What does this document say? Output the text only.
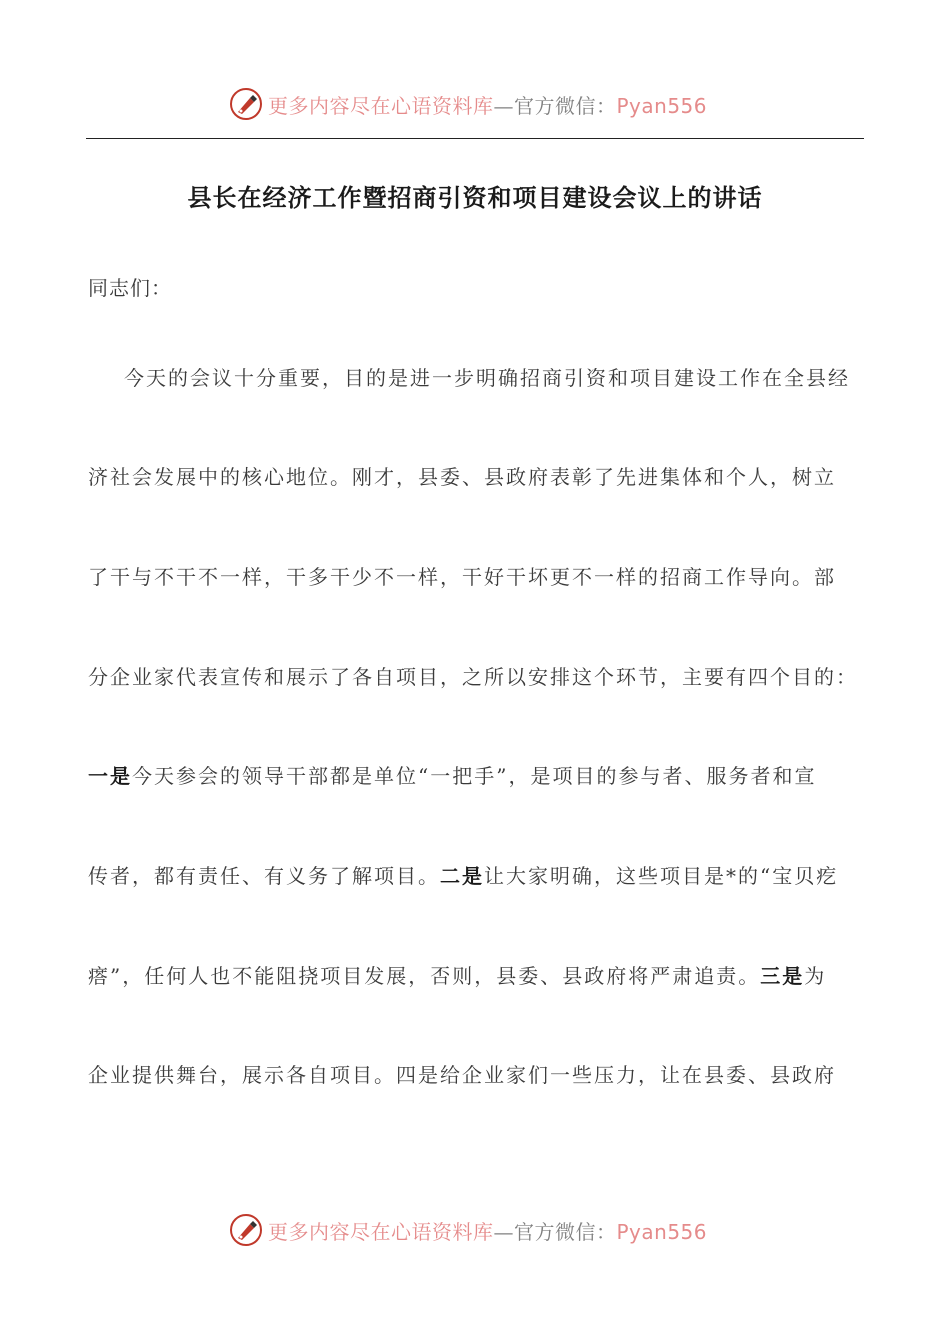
更多内容尽在心语资料库—官方微信：Pyan556
县长在经济工作暨招商引资和项目建设会议上的讲话
同志们：
今天的会议十分重要，目的是进一步明确招商引资和项目建设工作在全县经
济社会发展中的核心地位。刚才，县委、县政府表彰了先进集体和个人，树立
了干与不干不一样，干多干少不一样，干好干坏更不一样的招商工作导向。部
分企业家代表宣传和展示了各自项目，之所以安排这个环节，主要有四个目的：
一是今天参会的领导干部都是单位“一把手”，是项目的参与者、服务者和宣
传者，都有责任、有义务了解项目。二是让大家明确，这些项目是*的“宝贝疙
瘩”，任何人也不能阻挠项目发展，否则，县委、县政府将严肃追责。三是为
企业提供舞台，展示各自项目。四是给企业家们一些压力，让在县委、县政府
更多内容尽在心语资料库—官方微信：Pyan556
